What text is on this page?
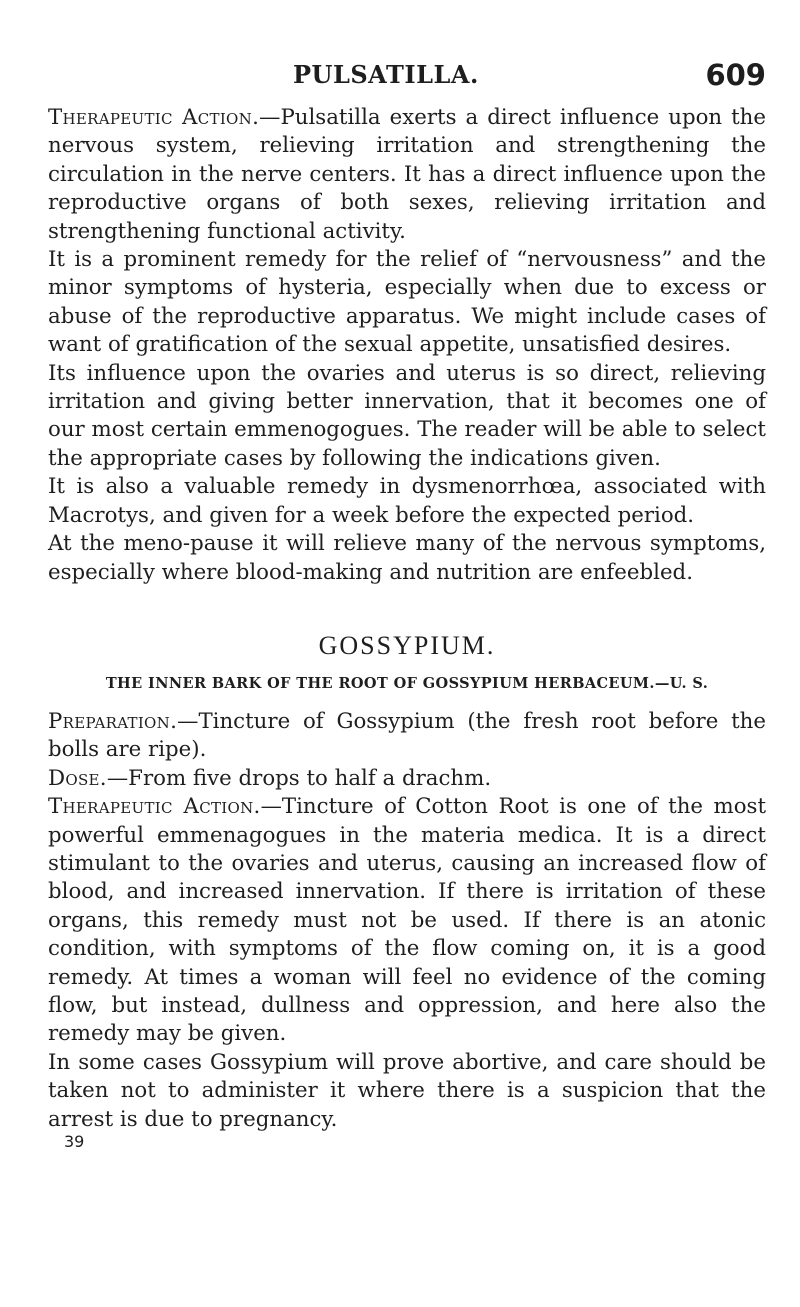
PULSATILLA.	609

Therapeutic Action.—Pulsatilla exerts a direct influence upon the nervous system, relieving irritation and strengthening the circulation in the nerve centers. It has a direct influence upon the reproductive organs of both sexes, relieving irritation and strengthening functional activity.

It is a prominent remedy for the relief of “nervousness” and the minor symptoms of hysteria, especially when due to excess or abuse of the reproductive apparatus. We might include cases of want of gratification of the sexual appetite, unsatisfied desires.

Its influence upon the ovaries and uterus is so direct, relieving irritation and giving better innervation, that it becomes one of our most certain emmenogogues. The reader will be able to select the appropriate cases by following the indications given.

It is also a valuable remedy in dysmenorrhœa, associated with Macrotys, and given for a week before the expected period.

At the meno-pause it will relieve many of the nervous symptoms, especially where blood-making and nutrition are enfeebled.

GOSSYPIUM.
THE INNER BARK OF THE ROOT OF GOSSYPIUM HERBACEUM.—U. S.

Preparation.—Tincture of Gossypium (the fresh root before the bolls are ripe).

Dose.—From five drops to half a drachm.

Therapeutic Action.—Tincture of Cotton Root is one of the most powerful emmenagogues in the materia medica. It is a direct stimulant to the ovaries and uterus, causing an increased flow of blood, and increased innervation. If there is irritation of these organs, this remedy must not be used. If there is an atonic condition, with symptoms of the flow coming on, it is a good remedy. At times a woman will feel no evidence of the coming flow, but instead, dullness and oppression, and here also the remedy may be given.

In some cases Gossypium will prove abortive, and care should be taken not to administer it where there is a suspicion that the arrest is due to pregnancy.

39
